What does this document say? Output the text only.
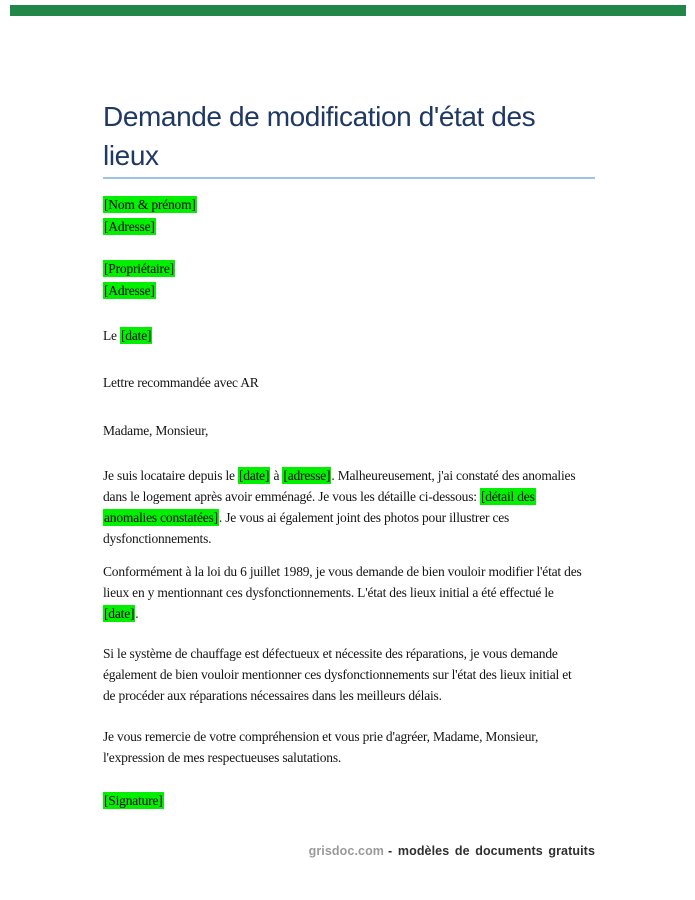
Demande de modification d'état des
lieux
[Nom & prénom]
[Adresse]
[Propriétaire]
[Adresse]
Le [date]
Lettre recommandée avec AR
Madame, Monsieur,
Je suis locataire depuis le [date] à [adresse]. Malheureusement, j'ai constaté des anomalies
dans le logement après avoir emménagé. Je vous les détaille ci-dessous: [détail des
anomalies constatées]. Je vous ai également joint des photos pour illustrer ces
dysfonctionnements.
Conformément à la loi du 6 juillet 1989, je vous demande de bien vouloir modifier l'état des
lieux en y mentionnant ces dysfonctionnements. L'état des lieux initial a été effectué le
[date].
Si le système de chauffage est défectueux et nécessite des réparations, je vous demande
également de bien vouloir mentionner ces dysfonctionnements sur l'état des lieux initial et
de procéder aux réparations nécessaires dans les meilleurs délais.
Je vous remercie de votre compréhension et vous prie d'agréer, Madame, Monsieur,
l'expression de mes respectueuses salutations.
[Signature]
grisdoc.com - modèles de documents gratuits
